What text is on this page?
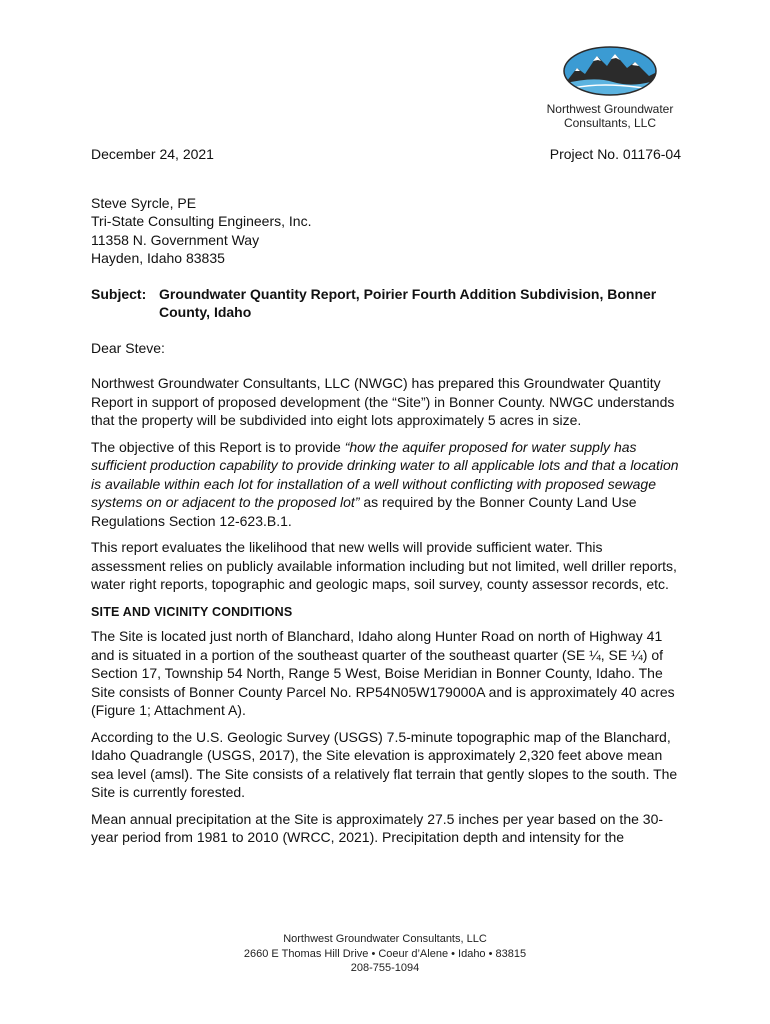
Northwest Groundwater
Consultants, LLC
December 24, 2021	Project No. 01176-04
Steve Syrcle, PE
Tri-State Consulting Engineers, Inc.
11358 N. Government Way
Hayden, Idaho 83835
Subject: Groundwater Quantity Report, Poirier Fourth Addition Subdivision, Bonner County, Idaho
Dear Steve:

Northwest Groundwater Consultants, LLC (NWGC) has prepared this Groundwater Quantity Report in support of proposed development (the “Site”) in Bonner County. NWGC understands that the property will be subdivided into eight lots approximately 5 acres in size.

The objective of this Report is to provide “how the aquifer proposed for water supply has sufficient production capability to provide drinking water to all applicable lots and that a location is available within each lot for installation of a well without conflicting with proposed sewage systems on or adjacent to the proposed lot” as required by the Bonner County Land Use Regulations Section 12-623.B.1.

This report evaluates the likelihood that new wells will provide sufficient water. This assessment relies on publicly available information including but not limited, well driller reports, water right reports, topographic and geologic maps, soil survey, county assessor records, etc.

SITE AND VICINITY CONDITIONS

The Site is located just north of Blanchard, Idaho along Hunter Road on north of Highway 41 and is situated in a portion of the southeast quarter of the southeast quarter (SE ¼, SE ¼) of Section 17, Township 54 North, Range 5 West, Boise Meridian in Bonner County, Idaho. The Site consists of Bonner County Parcel No. RP54N05W179000A and is approximately 40 acres (Figure 1; Attachment A).

According to the U.S. Geologic Survey (USGS) 7.5-minute topographic map of the Blanchard, Idaho Quadrangle (USGS, 2017), the Site elevation is approximately 2,320 feet above mean sea level (amsl). The Site consists of a relatively flat terrain that gently slopes to the south. The Site is currently forested.

Mean annual precipitation at the Site is approximately 27.5 inches per year based on the 30-year period from 1981 to 2010 (WRCC, 2021). Precipitation depth and intensity for the

Northwest Groundwater Consultants, LLC
2660 E Thomas Hill Drive • Coeur d’Alene • Idaho • 83815
208-755-1094
